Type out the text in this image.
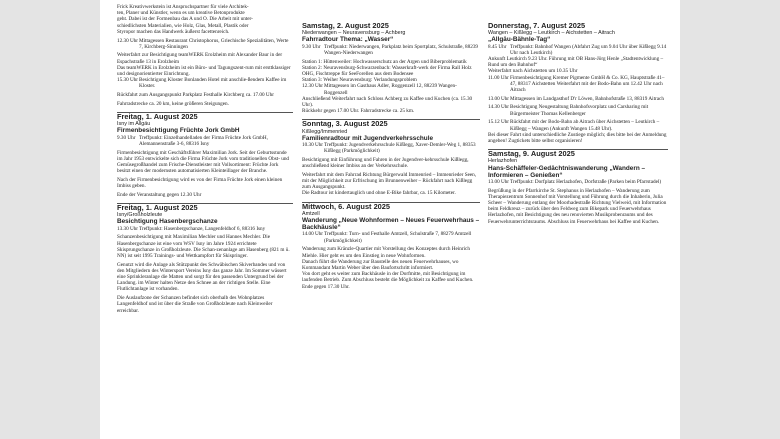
Frick Kreativwerkstein ist Anspruchspartner für viele Architek-

ten, Planer und Künstler, wenn es um kreative Betonprodukte

geht. Dabei ist der Formenbau das A und O. Die Arbeit mit unter-

schiedlichsten Materialien, wie Holz, Glas, Metall, Plastik oder

Styropor machen das Handwerk äußerst facettenreich.

12.30 Uhr Mittagessen Restaurant Christophorus, Griechische Spezialitäten, Werte 7, Kirchberg-Sinningen

Weiterfahrt zur Besichtigung teamWERK Erolzheim mit Alexander Baur in der Espachstraße 13 in Erolzheim

Das teamWERK in Erolzheim ist ein Büro- und Tagungszent-rum mit ersttklassiger und designorientierter Einrichtung.

15.30 Uhr Besichtigung Kloster Bonlanden Hotel mit anschlie-ßendem Kaffee im Kloster.

Rückfahrt zum Ausgangspunkt Parkplatz Festhalle Kirchberg ca. 17.00 Uhr

Fahrradstrecke ca. 20 km, keine größeren Steigungen.

Freitag, 1. August 2025

Isny im Allgäu

Firmenbesichtigung Früchte Jork GmbH

9.30 Uhr Treffpunkt: Einzelhandelladen der Firma Früchte Jork GmbH, Alemannenstraße 3-6, 88316 Isny

Firmenbesichtigung mit Geschäftsführer Maximilian Jork. Seit der Geburtsstunde im Jahr 1953 entwickelte sich die Firma Früchte Jork vom traditionellen Obst- und Gemüsegroßhandel zum Frische-Dienstleister mit Vollsortiment: Früchte Jork besitzt einen der modernsten automatisierten Kleinteillager der Branche.

Nach der Firmenbesichtigung wird es von der Firma Früchte Jork einen kleinen Imbiss geben.

Ende der Veranstaltung gegen 12.30 Uhr

Freitag, 1. August 2025

Isny/Großholzleute

Besichtigung Hasenbergschanze

13.30 Uhr Treffpunkt: Hasenbergschanze, Langenfeldhof 6, 88316 Isny

Schanzenbesichtigung mit Maximilian Mechler und Hannes Mechler. Die Hasenbergschanze ist eine vom WSV Isny im Jahre 1924 errichtete Skisprungschanze in Großholzleute. Die Schan-zenanlage am Hasenberg (821 m ü. NN) ist seit 1995 Trainings- und Wettkampfort für Skispringer.

Genutzt wird die Anlage als Stützpunkt des Schwäbischen Skiverbandes und von den Mitgliedern des Wintersport Vereins Isny das ganze Jahr. Im Sommer wässert eine Sprinkleranlage die Matten und sorgt für den passenden Untergrund bei der Landung. im Winter halten Netze den Schnee an der richtigen Stelle. Eine Flutlichtanlage ist vorhanden.

Die Auslaufzone der Schanzen befindet sich oberhalb des Wohnplatzes Langenfeldhof und ist über die Straße von Großholzleute nach Kleinweiler erreichbar.

Samstag, 2. August 2025

Niederwangen – Neuravensburg – Achberg

Fahrradtour Thema: „Wasser“

9.30 Uhr Treffpunkt: Niederwangen, Parkplatz beim Sportplatz, Schulstraße, 88239 Wangen-Niederwangen

Station 1: Hüttenweiler: Hochwasserschutz an der Argen und Biberproblematik

Station 2: Neuravensburg-Schwarzenbach: Wasserkraft-werk der Firma Rall Holz OHG, Fischtreppe für SeeForellen aus dem Bodensee

Station 3: Weiher Neuravensburg: Verlandungsproblem

12.30 Uhr Mittagessen im Gasthaus Adler, Roggenzell 12, 88239 Wangen-Roggenzell

Anschließend Weiterfahrt nach Schloss Achberg zu Kaffee und Kuchen (ca. 15.30 Uhr).

Rückkehr gegen 17.00 Uhr. Fahrradstrecke ca. 25 km.

Sonntag, 3. August 2025

Kißlegg/Immenried

Familienradtour mit Jugendverkehrsschule

10.30 Uhr Treffpunkt: Jugendverkehrsschule Kißlegg, Xaver-Demler-Weg 1, 88353 Kißlegg (Parkmöglichkeit)

Besichtigung mit Einführung und Fahren in der Jugendver-kehrsschule Kißlegg, anschließend kleiner Imbiss an der Verkehrsschule.

Weiterfahrt mit dem Fahrrad Richtung Bürgerwald Immenried – Immenrieder Seen, mit der Möglichkeit zur Erfrischung im Brunnenweiher – Rückfahrt nach Kißlegg zum Ausgangspunkt.

Die Radtour ist kindertauglich und ohne E-Bike fahrbar, ca. 15 Kilometer.

Mittwoch, 6. August 2025

Amtzell

Wanderung „Neue Wohnformen – Neues Feuerwehrhaus – Backhäusle“

14.00 Uhr Treffpunkt: Turn- und Festhalle Amtzell, Schulstraße 7, 88279 Amtzell (Parkmöglichkeit)

Wanderung zum Kränzle-Quartier mit Vorstellung des Konzeptes durch Heinrich Miehle. Hier geht es um den Einstieg in neue Wohnformen.

Danach führt die Wanderung zur Baustelle des neuen Feuerwehrhauses, wo Kommandant Martin Weber über den Baufortschritt informiert.

Von dort geht es weiter zum Backhäusle in der Dorfmitte, mit Besichtigung im laufenden Betrieb. Zum Abschluss besteht die Möglichkeit zu Kaffee und Kuchen.

Ende gegen 17.30 Uhr.

Donnerstag, 7. August 2025

Wangen – Kißlegg – Leutkirch – Aichstetten – Aitrach

„Allgäu-Bähnle-Tag“

8.45 Uhr Treffpunkt: Bahnhof Wangen (Abfahrt Zug um 9.04 Uhr über Kißlegg 9.14 Uhr nach Leutkirch)

Ankunft Leutkirch 9.23 Uhr. Führung mit OB Hans-Jörg Henle „Stadtentwicklung – Rund um den Bahnhof“

Weiterfahrt nach Aichstetten um 10.35 Uhr

11.00 Uhr Firmenbesichtigung Kremer Pigmente GmbH & Co. KG, Hauptstraße 41–47, 88317 Aichstetten Weiterfahrt mit der Bodo-Bahn um 12.42 Uhr nach Aitrach
13.00 Uhr Mittagessen im Landgasthof D'r Löwen, Bahnhofstraße 13, 88319 Aitrach
14.30 Uhr Besichtigung Neugestaltung Bahnhofsvorplatz und Carsharing mit Bürgermeister Thomas Kellenberger
15.12 Uhr Rückfahrt mit der Bodo-Bahn ab Aitrach über Aichstetten – Leutkirch – Kißlegg – Wangen (Ankunft Wangen 15.48 Uhr).

Bei dieser Fahrt sind unterschiedliche Zustiege möglich; dies bitte bei der Anmeldung angeben! Zugtickets bitte selbst organisieren!

Samstag, 9. August 2025

Herlazhofen

Hans-Schäffeler-Gedächtniswanderung „Wandern – Informieren – Genießen“

13.00 Uhr Treffpunkt: Dorfplatz Herlazhofen, Dorfstraße (Parken beim Pfarrstadel)

Begrüßung in der Pfarrkirche St. Stephanus in Herlazhofen – Wanderung zum Therapiezentrum Sonnenhof mit Vorstellung und Führung durch die Inhaberin, Julia Scheer – Wanderung entlang der Moorhadestraße Richtung Vielweid, mit Information beim Feldkreuz – zurück über den Feldweg zum Bikepark und Feuerwehrhaus Herlazhofen, mit Besichtigung des neu renovierten Musikprobenraums und des Feuerwehrunterrichtsraums. Abschluss im Feuerwehrhaus bei Kaffee und Kuchen.
